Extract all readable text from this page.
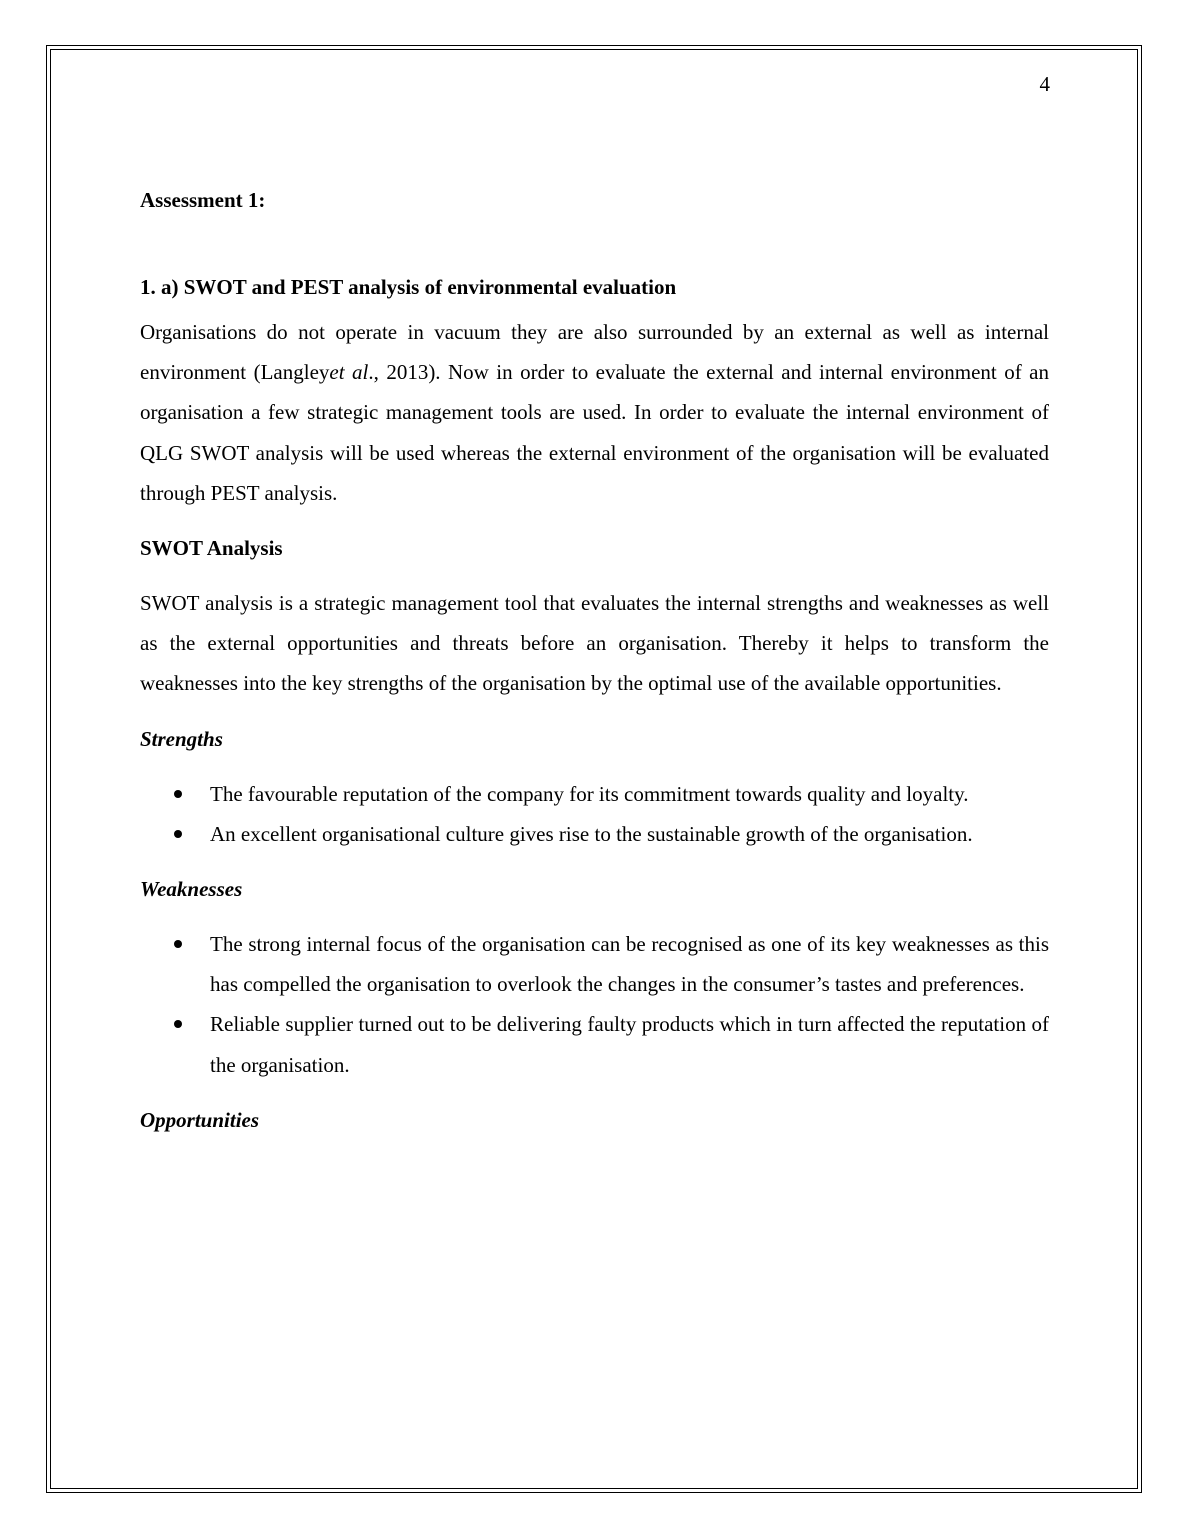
4
Assessment 1:
1. a) SWOT and PEST analysis of environmental evaluation

Organisations do not operate in vacuum they are also surrounded by an external as well as internal environment (Langleyet al., 2013). Now in order to evaluate the external and internal environment of an organisation a few strategic management tools are used. In order to evaluate the internal environment of QLG SWOT analysis will be used whereas the external environment of the organisation will be evaluated through PEST analysis.

SWOT Analysis

SWOT analysis is a strategic management tool that evaluates the internal strengths and weaknesses as well as the external opportunities and threats before an organisation. Thereby it helps to transform the weaknesses into the key strengths of the organisation by the optimal use of the available opportunities.

Strengths
The favourable reputation of the company for its commitment towards quality and loyalty.
An excellent organisational culture gives rise to the sustainable growth of the organisation.
Weaknesses
The strong internal focus of the organisation can be recognised as one of its key weaknesses as this has compelled the organisation to overlook the changes in the consumer’s tastes and preferences.
Reliable supplier turned out to be delivering faulty products which in turn affected the reputation of the organisation.
Opportunities
